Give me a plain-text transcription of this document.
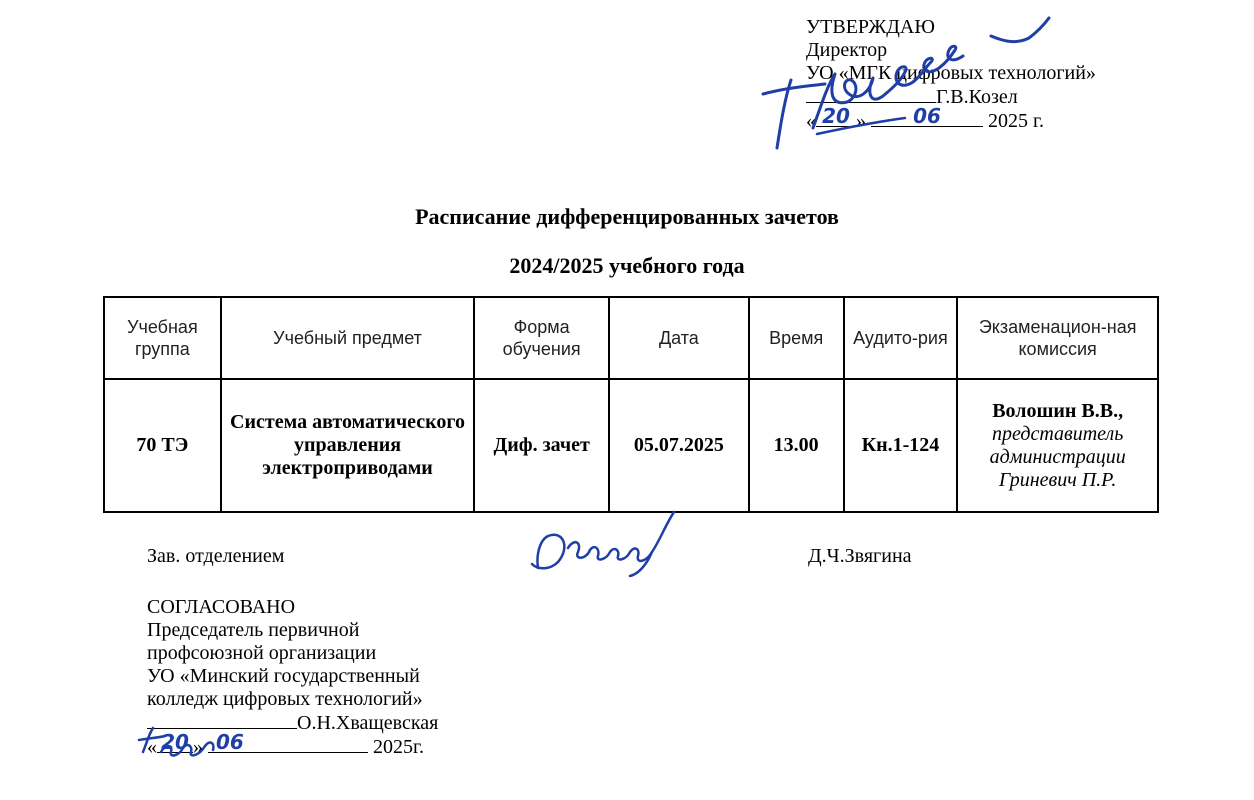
УТВЕРЖДАЮ
Директор
УО «МГК цифровых технологий»
Г.В.Козел
« 20 »	06	2025 г.
Расписание дифференцированных зачетов
2024/2025 учебного года
Учебная группа	Учебный предмет	Форма обучения	Дата	Время	Аудито-рия	Экзаменацион-ная комиссия
70 ТЭ	Система автоматического управления электроприводами	Диф. зачет	05.07.2025	13.00	Кн.1-124	Волошин В.В.,
представитель администрации Гриневич П.Р.
Зав. отделением	Д.Ч.Звягина
СОГЛАСОВАНО
Председатель первичной
профсоюзной организации
УО «Минский государственный
колледж цифровых технологий»
О.Н.Хващевская
« 20 » 06	2025г.
